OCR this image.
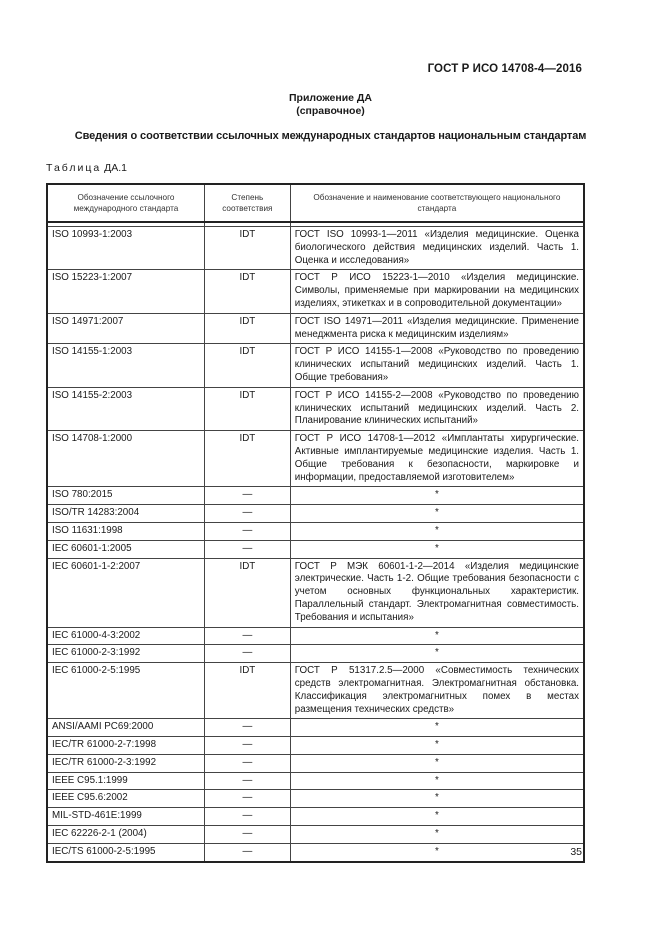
ГОСТ Р ИСО 14708-4—2016
Приложение ДА
(справочное)
Сведения о соответствии ссылочных международных стандартов национальным стандартам
Таблица ДА.1
Обозначение ссылочного международного стандарта	Степень соответствия	Обозначение и наименование соответствующего национального стандарта

ISO 10993-1:2003	IDT	ГОСТ ISO 10993-1—2011 «Изделия медицинские. Оценка биологического действия медицинских изделий. Часть 1. Оценка и исследования»
ISO 15223-1:2007	IDT	ГОСТ Р ИСО 15223-1—2010 «Изделия медицинские. Символы, применяемые при маркировании на медицинских изделиях, этикетках и в сопроводительной документации»
ISO 14971:2007	IDT	ГОСТ ISO 14971—2011 «Изделия медицинские. Применение менеджмента риска к медицинским изделиям»
ISO 14155-1:2003	IDT	ГОСТ Р ИСО 14155-1—2008 «Руководство по проведению клинических испытаний медицинских изделий. Часть 1. Общие требования»
ISO 14155-2:2003	IDT	ГОСТ Р ИСО 14155-2—2008 «Руководство по проведению клинических испытаний медицинских изделий. Часть 2. Планирование клинических испытаний»
ISO 14708-1:2000	IDT	ГОСТ Р ИСО 14708-1—2012 «Имплантаты хирургические. Активные имплантируемые медицинские изделия. Часть 1. Общие требования к безопасности, маркировке и информации, предоставляемой изготовителем»
ISO 780:2015	—	*
ISO/TR 14283:2004	—	*
ISO 11631:1998	—	*
IEC 60601-1:2005	—	*
IEC 60601-1-2:2007	IDT	ГОСТ Р МЭК 60601-1-2—2014 «Изделия медицинские электрические. Часть 1-2. Общие требования безопасности с учетом основных функциональных характеристик. Параллельный стандарт. Электромагнитная совместимость. Требования и испытания»
IEC 61000-4-3:2002	—	*
IEC 61000-2-3:1992	—	*
IEC 61000-2-5:1995	IDT	ГОСТ Р 51317.2.5—2000 «Совместимость технических средств электромагнитная. Электромагнитная обстановка. Классификация электромагнитных помех в местах размещения технических средств»
ANSI/AAMI PC69:2000	—	*
IEC/TR 61000-2-7:1998	—	*
IEC/TR 61000-2-3:1992	—	*
IEEE C95.1:1999	—	*
IEEE C95.6:2002	—	*
MIL-STD-461E:1999	—	*
IEC 62226-2-1 (2004)	—	*
IEC/TS 61000-2-5:1995	—	*	35
